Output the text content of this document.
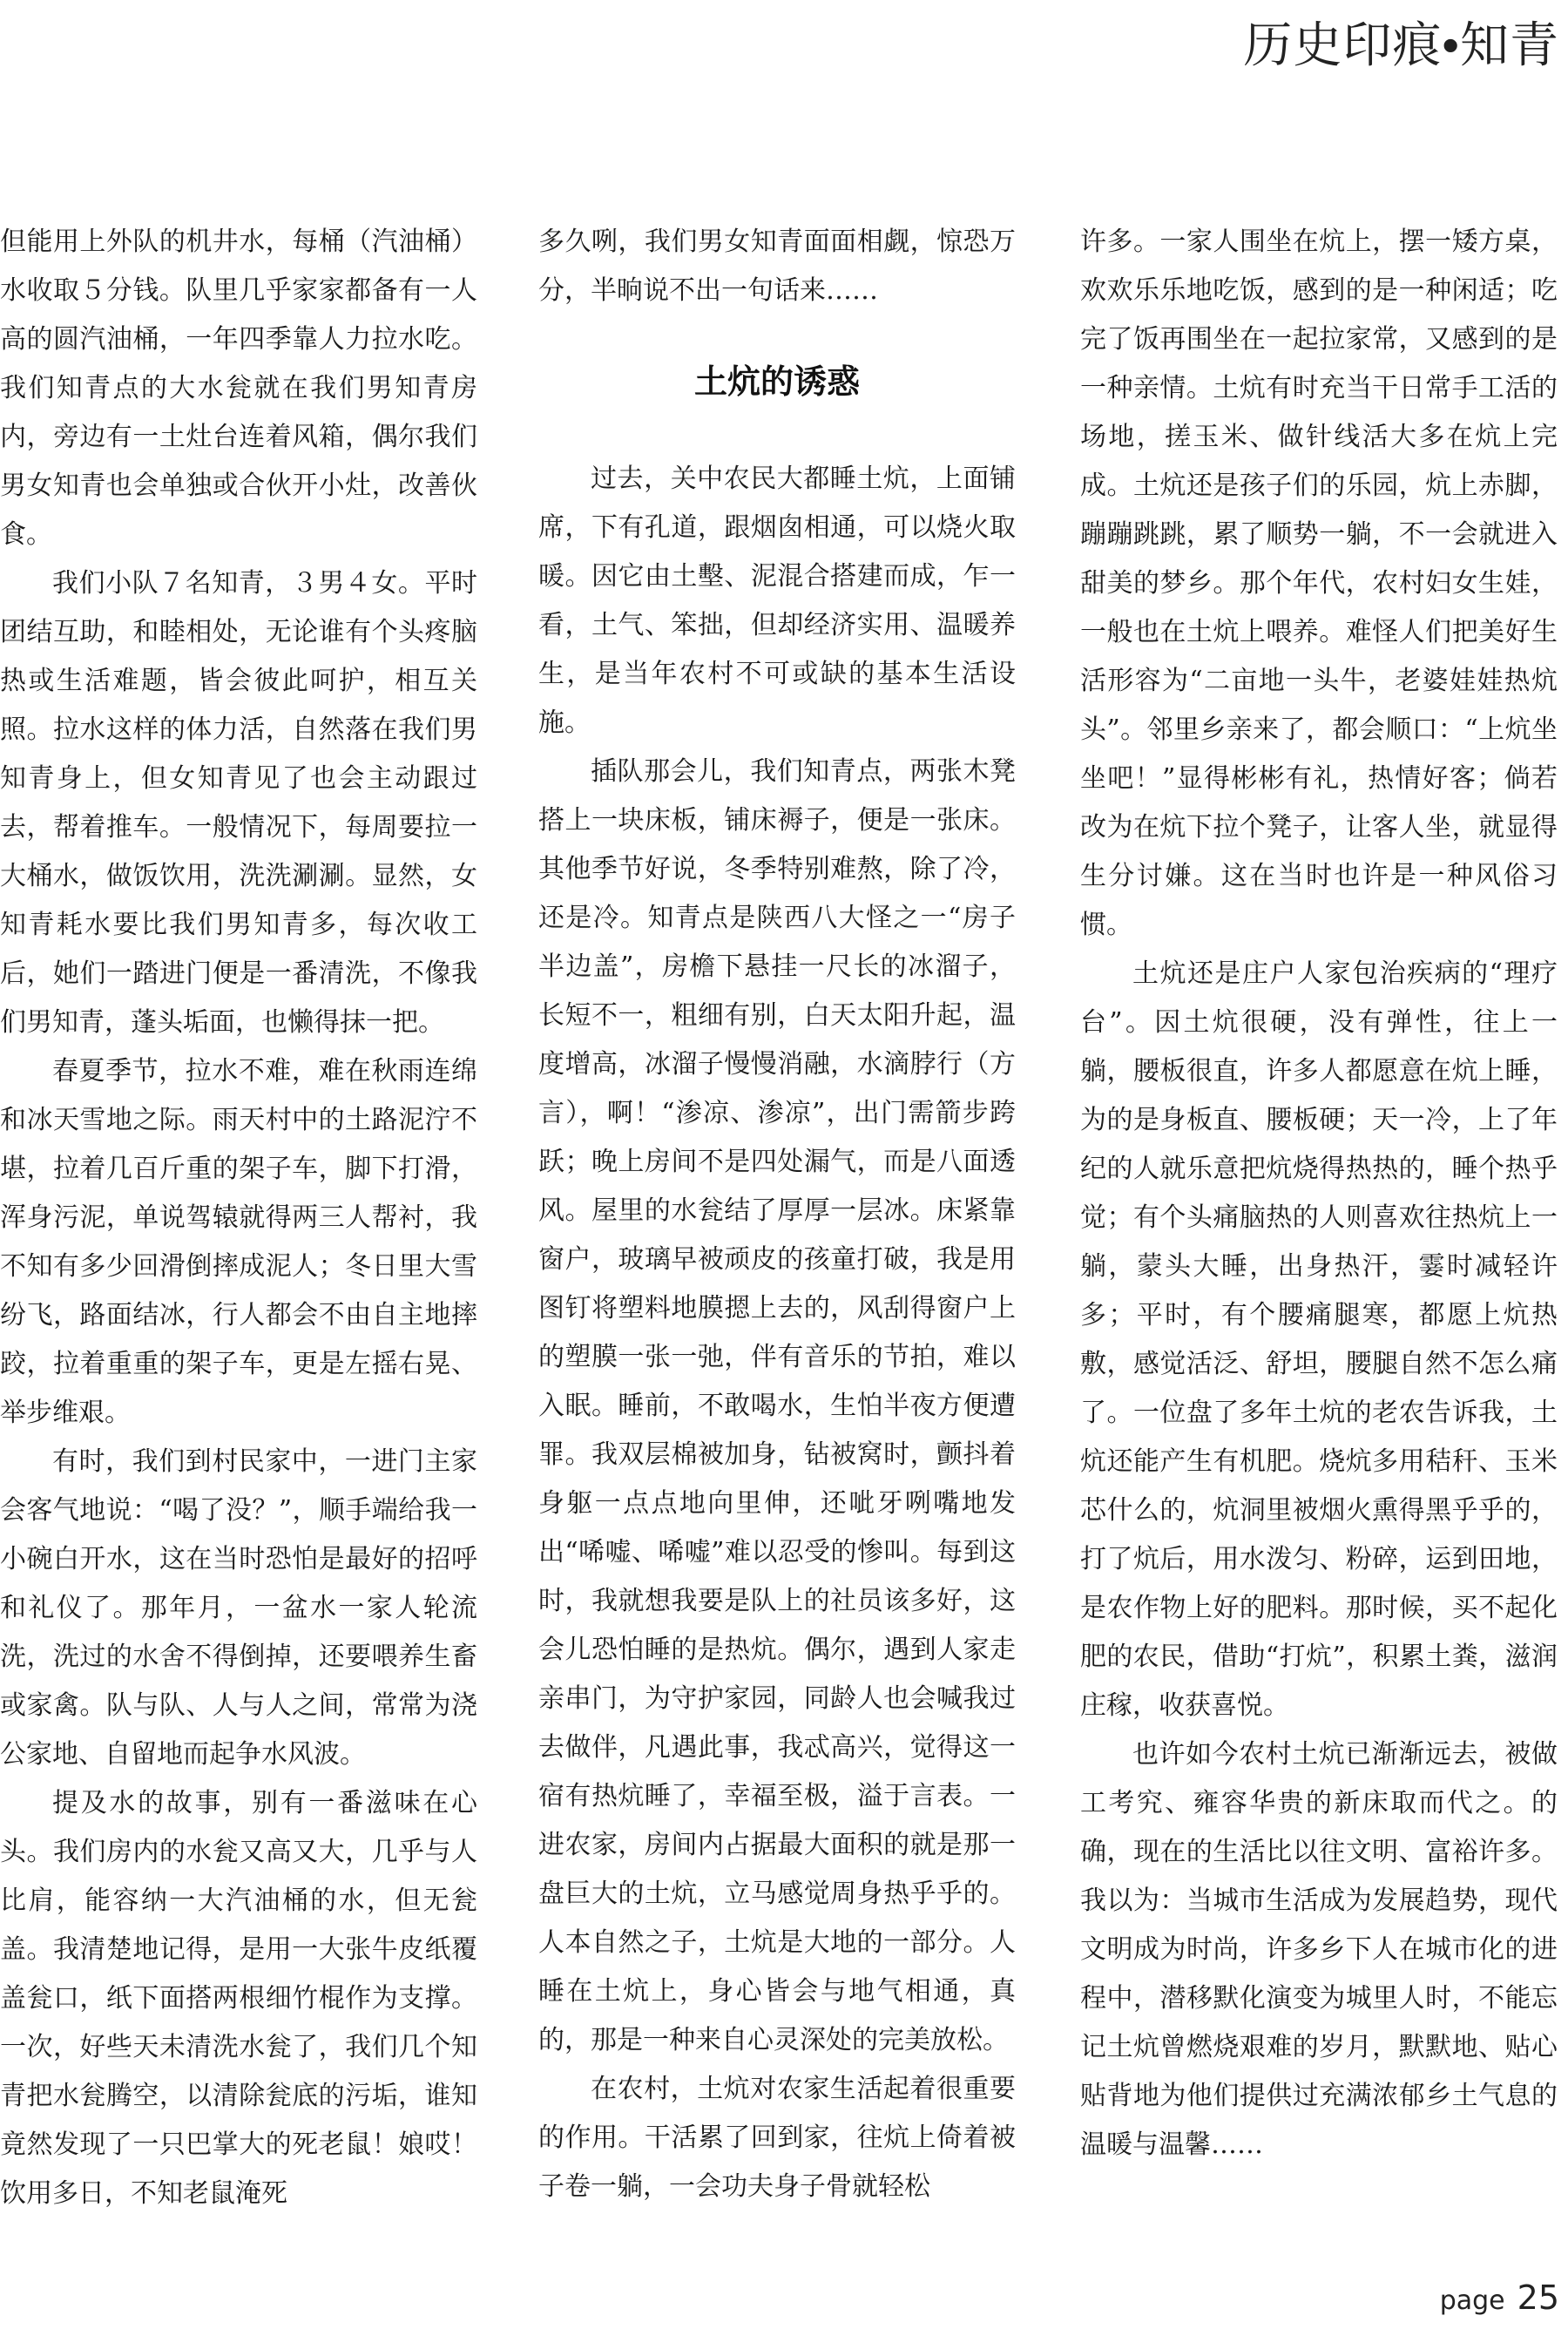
历史印痕•知青

但能用上外队的机井水，每桶（汽油桶）水收取５分钱。队里几乎家家都备有一人高的圆汽油桶，一年四季靠人力拉水吃。我们知青点的大水瓮就在我们男知青房内，旁边有一土灶台连着风箱，偶尔我们男女知青也会单独或合伙开小灶，改善伙食。

我们小队７名知青，３男４女。平时团结互助，和睦相处，无论谁有个头疼脑热或生活难题，皆会彼此呵护，相互关照。拉水这样的体力活，自然落在我们男知青身上，但女知青见了也会主动跟过去，帮着推车。一般情况下，每周要拉一大桶水，做饭饮用，洗洗涮涮。显然，女知青耗水要比我们男知青多，每次收工后，她们一踏进门便是一番清洗，不像我们男知青，蓬头垢面，也懒得抹一把。

春夏季节，拉水不难，难在秋雨连绵和冰天雪地之际。雨天村中的土路泥泞不堪，拉着几百斤重的架子车，脚下打滑，浑身污泥，单说驾辕就得两三人帮衬，我不知有多少回滑倒摔成泥人；冬日里大雪纷飞，路面结冰，行人都会不由自主地摔跤，拉着重重的架子车，更是左摇右晃、举步维艰。

有时，我们到村民家中，一进门主家会客气地说：“喝了没？”，顺手端给我一小碗白开水，这在当时恐怕是最好的招呼和礼仪了。那年月，一盆水一家人轮流洗，洗过的水舍不得倒掉，还要喂养生畜或家禽。队与队、人与人之间，常常为浇公家地、自留地而起争水风波。

提及水的故事，别有一番滋味在心头。我们房内的水瓮又高又大，几乎与人比肩，能容纳一大汽油桶的水，但无瓮盖。我清楚地记得，是用一大张牛皮纸覆盖瓮口，纸下面搭两根细竹棍作为支撑。一次，好些天未清洗水瓮了，我们几个知青把水瓮腾空，以清除瓮底的污垢，谁知竟然发现了一只巴掌大的死老鼠！娘哎！饮用多日，不知老鼠淹死

多久咧，我们男女知青面面相觑，惊恐万分，半晌说不出一句话来……

土炕的诱惑

过去，关中农民大都睡土炕，上面铺席，下有孔道，跟烟囱相通，可以烧火取暖。因它由土墼、泥混合搭建而成，乍一看，土气、笨拙，但却经济实用、温暖养生，是当年农村不可或缺的基本生活设施。

插队那会儿，我们知青点，两张木凳搭上一块床板，铺床褥子，便是一张床。其他季节好说，冬季特别难熬，除了冷，还是冷。知青点是陕西八大怪之一“房子半边盖”，房檐下悬挂一尺长的冰溜子，长短不一，粗细有别，白天太阳升起，温度增高，冰溜子慢慢消融，水滴脖行（方言），啊！“渗凉、渗凉”，出门需箭步跨跃；晚上房间不是四处漏气，而是八面透风。屋里的水瓮结了厚厚一层冰。床紧靠窗户，玻璃早被顽皮的孩童打破，我是用图钉将塑料地膜摁上去的，风刮得窗户上的塑膜一张一弛，伴有音乐的节拍，难以入眠。睡前，不敢喝水，生怕半夜方便遭罪。我双层棉被加身，钻被窝时，颤抖着身躯一点点地向里伸，还呲牙咧嘴地发出“唏嘘、唏嘘”难以忍受的惨叫。每到这时，我就想我要是队上的社员该多好，这会儿恐怕睡的是热炕。偶尔，遇到人家走亲串门，为守护家园，同龄人也会喊我过去做伴，凡遇此事，我忒高兴，觉得这一宿有热炕睡了，幸福至极，溢于言表。一进农家，房间内占据最大面积的就是那一盘巨大的土炕，立马感觉周身热乎乎的。人本自然之子，土炕是大地的一部分。人睡在土炕上，身心皆会与地气相通，真的，那是一种来自心灵深处的完美放松。

在农村，土炕对农家生活起着很重要的作用。干活累了回到家，往炕上倚着被子卷一躺，一会功夫身子骨就轻松

许多。一家人围坐在炕上，摆一矮方桌，欢欢乐乐地吃饭，感到的是一种闲适；吃完了饭再围坐在一起拉家常，又感到的是一种亲情。土炕有时充当干日常手工活的场地，搓玉米、做针线活大多在炕上完成。土炕还是孩子们的乐园，炕上赤脚，蹦蹦跳跳，累了顺势一躺，不一会就进入甜美的梦乡。那个年代，农村妇女生娃，一般也在土炕上喂养。难怪人们把美好生活形容为“二亩地一头牛，老婆娃娃热炕头”。邻里乡亲来了，都会顺口：“上炕坐坐吧！”显得彬彬有礼，热情好客；倘若改为在炕下拉个凳子，让客人坐，就显得生分讨嫌。这在当时也许是一种风俗习惯。

土炕还是庄户人家包治疾病的“理疗台”。因土炕很硬，没有弹性，往上一躺，腰板很直，许多人都愿意在炕上睡，为的是身板直、腰板硬；天一冷，上了年纪的人就乐意把炕烧得热热的，睡个热乎觉；有个头痛脑热的人则喜欢往热炕上一躺，蒙头大睡，出身热汗，霎时减轻许多；平时，有个腰痛腿寒，都愿上炕热敷，感觉活泛、舒坦，腰腿自然不怎么痛了。一位盘了多年土炕的老农告诉我，土炕还能产生有机肥。烧炕多用秸秆、玉米芯什么的，炕洞里被烟火熏得黑乎乎的，打了炕后，用水泼匀、粉碎，运到田地，是农作物上好的肥料。那时候，买不起化肥的农民，借助“打炕”，积累土粪，滋润庄稼，收获喜悦。

也许如今农村土炕已渐渐远去，被做工考究、雍容华贵的新床取而代之。的确，现在的生活比以往文明、富裕许多。我以为：当城市生活成为发展趋势，现代文明成为时尚，许多乡下人在城市化的进程中，潜移默化演变为城里人时，不能忘记土炕曾燃烧艰难的岁月，默默地、贴心贴背地为他们提供过充满浓郁乡土气息的温暖与温馨……

page 25
